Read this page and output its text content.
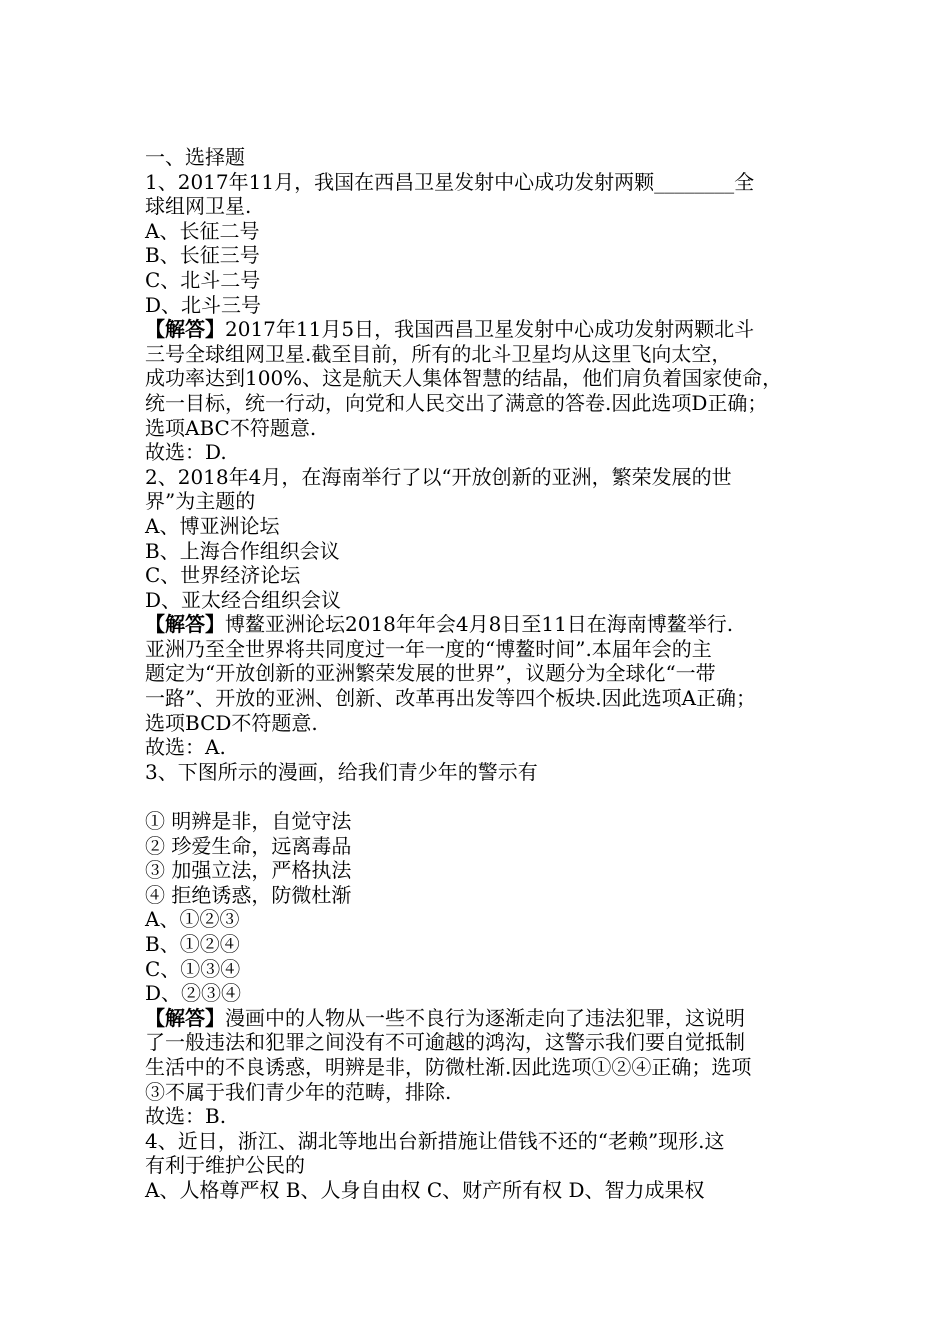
一、选择题
1、2017年11月，我国在西昌卫星发射中心成功发射两颗________全
球组网卫星.
A、长征二号
B、长征三号
C、北斗二号
D、北斗三号
【解答】2017年11月5日，我国西昌卫星发射中心成功发射两颗北斗
三号全球组网卫星.截至目前，所有的北斗卫星均从这里飞向太空，
成功率达到100%、这是航天人集体智慧的结晶，他们肩负着国家使命，
统一目标，统一行动，向党和人民交出了满意的答卷.因此选项D正确；
选项ABC不符题意.
故选：D.
2、2018年4月，在海南举行了以“开放创新的亚洲，繁荣发展的世
界”为主题的
A、博亚洲论坛
B、上海合作组织会议
C、世界经济论坛
D、亚太经合组织会议
【解答】博鳌亚洲论坛2018年年会4月8日至11日在海南博鳌举行.
亚洲乃至全世界将共同度过一年一度的“博鳌时间”.本届年会的主
题定为“开放创新的亚洲繁荣发展的世界”，议题分为全球化“一带
一路”、开放的亚洲、创新、改革再出发等四个板块.因此选项A正确；
选项BCD不符题意.
故选：A.
3、下图所示的漫画，给我们青少年的警示有
① 明辨是非，自觉守法
② 珍爱生命，远离毒品
③ 加强立法，严格执法
④ 拒绝诱惑，防微杜渐
A、①②③
B、①②④
C、①③④
D、②③④
【解答】漫画中的人物从一些不良行为逐渐走向了违法犯罪，这说明
了一般违法和犯罪之间没有不可逾越的鸿沟，这警示我们要自觉抵制
生活中的不良诱惑，明辨是非，防微杜渐.因此选项①②④正确；选项
③不属于我们青少年的范畴，排除.
故选：B.
4、近日，浙江、湖北等地出台新措施让借钱不还的“老赖”现形.这
有利于维护公民的
A、人格尊严权 B、人身自由权 C、财产所有权 D、智力成果权
